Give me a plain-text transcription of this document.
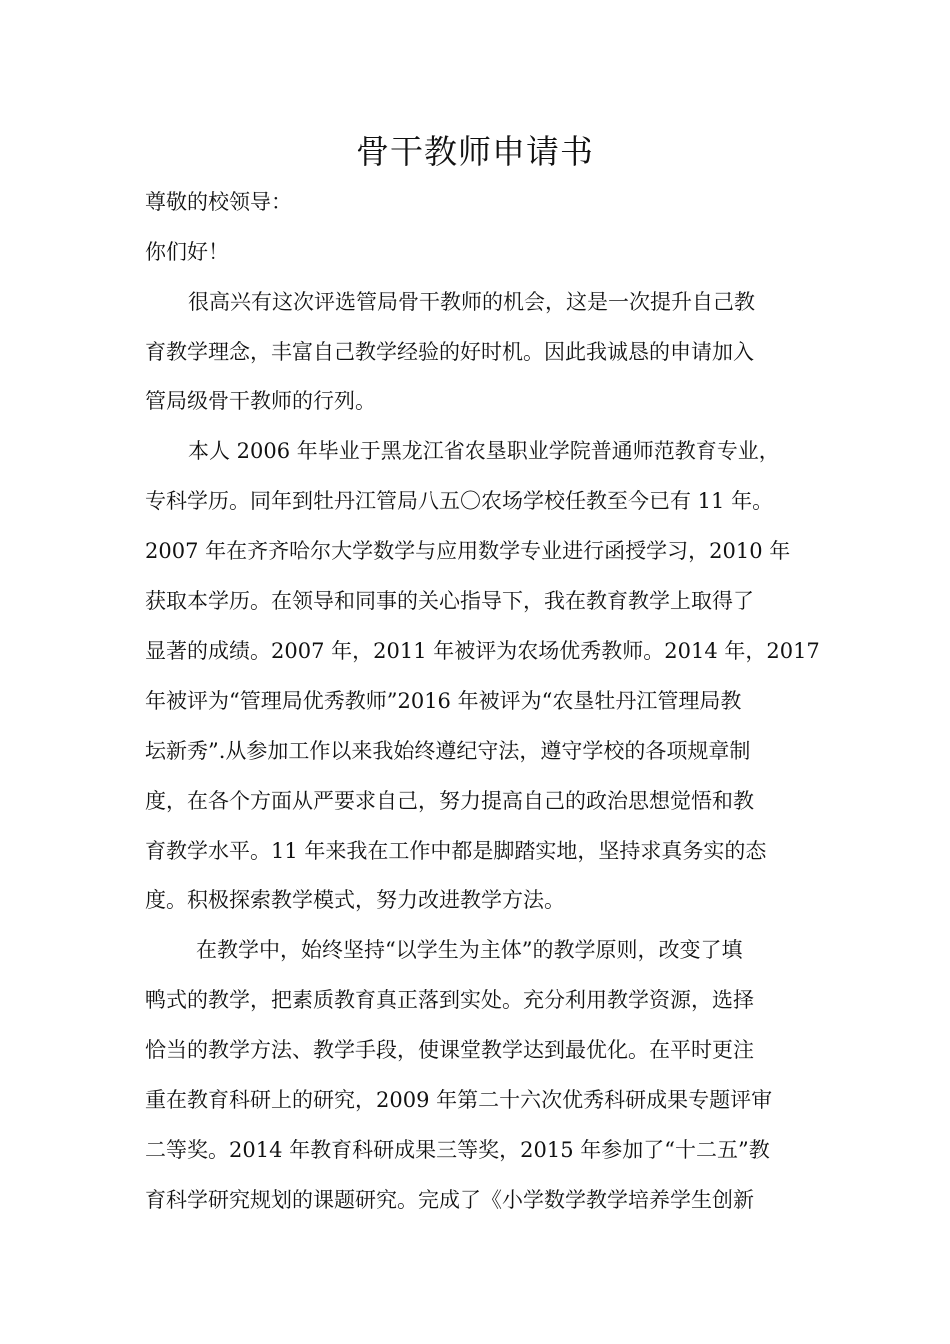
骨干教师申请书

尊敬的校领导：

你们好！

很高兴有这次评选管局骨干教师的机会，这是一次提升自己教

育教学理念，丰富自己教学经验的好时机。因此我诚恳的申请加入

管局级骨干教师的行列。

本人 2006 年毕业于黑龙江省农垦职业学院普通师范教育专业，

专科学历。同年到牡丹江管局八五〇农场学校任教至今已有 11 年。

2007 年在齐齐哈尔大学数学与应用数学专业进行函授学习，2010 年

获取本学历。在领导和同事的关心指导下，我在教育教学上取得了

显著的成绩。2007 年，2011 年被评为农场优秀教师。2014 年，2017

年被评为“管理局优秀教师”2016 年被评为“农垦牡丹江管理局教

坛新秀”.从参加工作以来我始终遵纪守法，遵守学校的各项规章制

度，在各个方面从严要求自己，努力提高自己的政治思想觉悟和教

育教学水平。11 年来我在工作中都是脚踏实地，坚持求真务实的态

度。积极探索教学模式，努力改进教学方法。

在教学中，始终坚持“以学生为主体”的教学原则，改变了填

鸭式的教学，把素质教育真正落到实处。充分利用教学资源，选择

恰当的教学方法、教学手段，使课堂教学达到最优化。在平时更注

重在教育科研上的研究，2009 年第二十六次优秀科研成果专题评审

二等奖。2014 年教育科研成果三等奖，2015 年参加了“十二五”教

育科学研究规划的课题研究。完成了《小学数学教学培养学生创新
